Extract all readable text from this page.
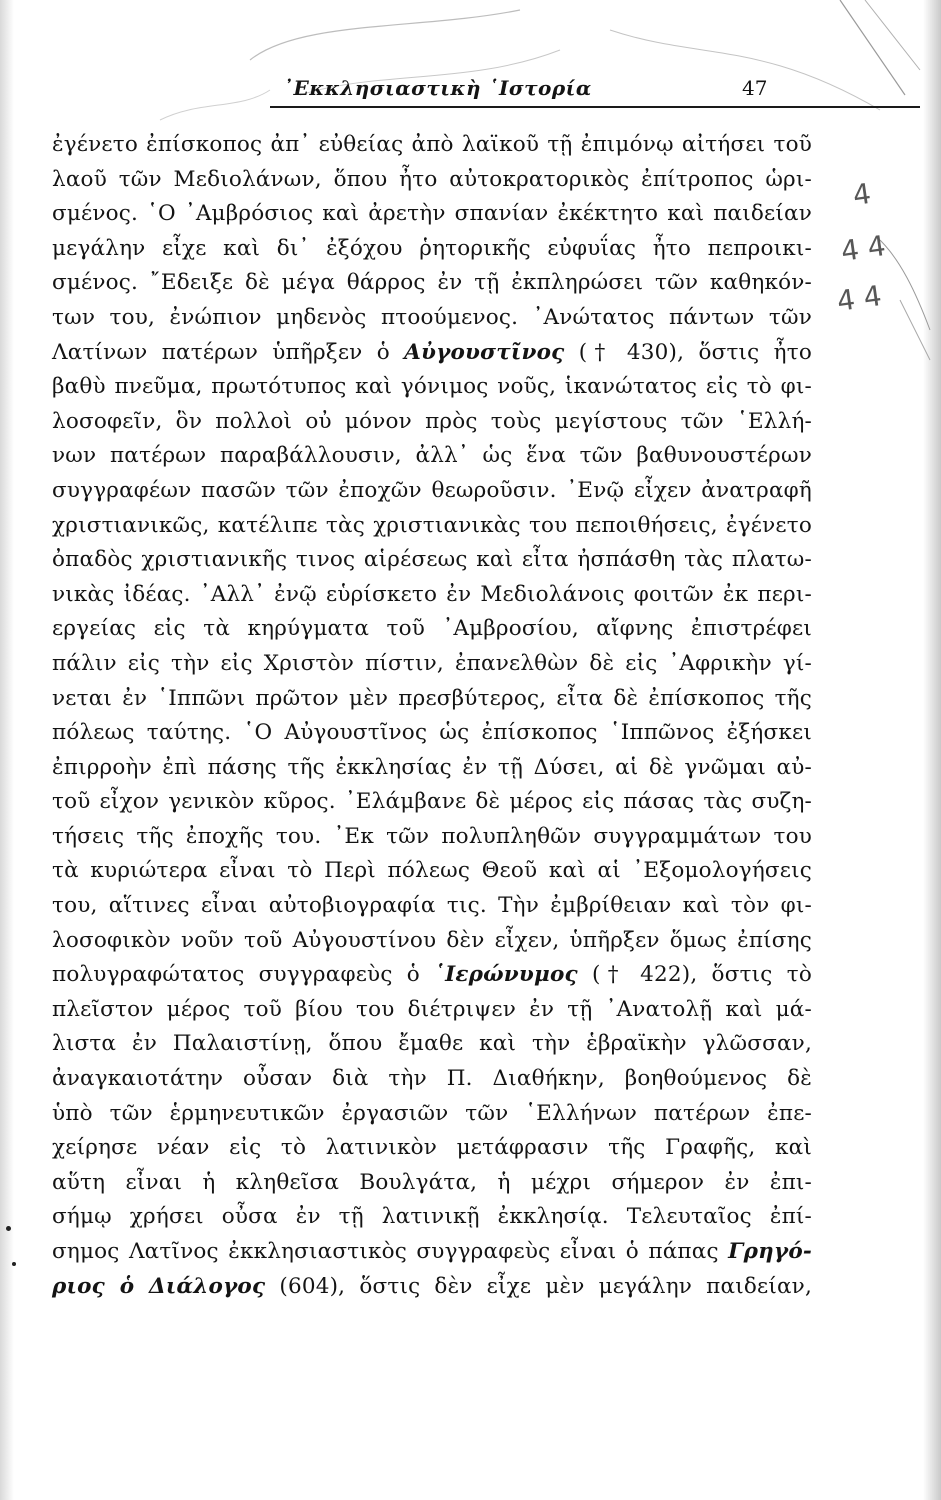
᾿Εκκλησιαστικὴ ῾Ιστορία	47
ἐγένετο ἐπίσκοπος ἀπ᾿ εὐθείας ἀπὸ λαϊκοῦ τῇ ἐπιμόνῳ αἰτήσει τοῦ
λαοῦ τῶν Μεδιολάνων, ὅπου ἦτο αὐτοκρατορικὸς ἐπίτροπος ὡρι-
σμένος. ῾Ο ᾿Αμβρόσιος καὶ ἀρετὴν σπανίαν ἐκέκτητο καὶ παιδείαν
μεγάλην εἶχε καὶ δι᾿ ἐξόχου ῥητορικῆς εὐφυΐας ἦτο πεπροικι-
σμένος. ῎Εδειξε δὲ μέγα θάρρος ἐν τῇ ἐκπληρώσει τῶν καθηκόν-
των του, ἐνώπιον μηδενὸς πτοούμενος. ᾿Ανώτατος πάντων τῶν
Λατίνων πατέρων ὑπῆρξεν ὁ Αὐγουστῖνος († 430), ὅστις ἦτο
βαθὺ πνεῦμα, πρωτότυπος καὶ γόνιμος νοῦς, ἱκανώτατος εἰς τὸ φι-
λοσοφεῖν, ὃν πολλοὶ οὐ μόνον πρὸς τοὺς μεγίστους τῶν ῾Ελλή-
νων πατέρων παραβάλλουσιν, ἀλλ᾿ ὡς ἕνα τῶν βαθυνουστέρων
συγγραφέων πασῶν τῶν ἐποχῶν θεωροῦσιν. ᾿Ενῷ εἶχεν ἀνατραφῆ
χριστιανικῶς, κατέλιπε τὰς χριστιανικὰς του πεποιθήσεις, ἐγένετο
ὀπαδὸς χριστιανικῆς τινος αἱρέσεως καὶ εἶτα ἠσπάσθη τὰς πλατω-
νικὰς ἰδέας. ᾿Αλλ᾿ ἐνῷ εὑρίσκετο ἐν Μεδιολάνοις φοιτῶν ἐκ περι-
εργείας εἰς τὰ κηρύγματα τοῦ ᾿Αμβροσίου, αἴφνης ἐπιστρέφει
πάλιν εἰς τὴν εἰς Χριστὸν πίστιν, ἐπανελθὼν δὲ εἰς ᾿Αφρικὴν γί-
νεται ἐν ῾Ιππῶνι πρῶτον μὲν πρεσβύτερος, εἶτα δὲ ἐπίσκοπος τῆς
πόλεως ταύτης. ῾Ο Αὐγουστῖνος ὡς ἐπίσκοπος ῾Ιππῶνος ἐξήσκει
ἐπιρροὴν ἐπὶ πάσης τῆς ἐκκλησίας ἐν τῇ Δύσει, αἱ δὲ γνῶμαι αὐ-
τοῦ εἶχον γενικὸν κῦρος. ᾿Ελάμβανε δὲ μέρος εἰς πάσας τὰς συζη-
τήσεις τῆς ἐποχῆς του. ᾿Εκ τῶν πολυπληθῶν συγγραμμάτων του
τὰ κυριώτερα εἶναι τὸ Περὶ πόλεως Θεοῦ καὶ αἱ ᾿Εξομολογήσεις
του, αἵτινες εἶναι αὐτοβιογραφία τις. Τὴν ἐμβρίθειαν καὶ τὸν φι-
λοσοφικὸν νοῦν τοῦ Αὐγουστίνου δὲν εἶχεν, ὑπῆρξεν ὅμως ἐπίσης
πολυγραφώτατος συγγραφεὺς ὁ ῾Ιερώνυμος († 422), ὅστις τὸ
πλεῖστον μέρος τοῦ βίου του διέτριψεν ἐν τῇ ᾿Ανατολῇ καὶ μά-
λιστα ἐν Παλαιστίνῃ, ὅπου ἔμαθε καὶ τὴν ἑβραϊκὴν γλῶσσαν,
ἀναγκαιοτάτην οὖσαν διὰ τὴν Π. Διαθήκην, βοηθούμενος δὲ
ὑπὸ τῶν ἑρμηνευτικῶν ἐργασιῶν τῶν ῾Ελλήνων πατέρων ἐπε-
χείρησε νέαν εἰς τὸ λατινικὸν μετάφρασιν τῆς Γραφῆς, καὶ
αὕτη εἶναι ἡ κληθεῖσα Βουλγάτα, ἡ μέχρι σήμερον ἐν ἐπι-
σήμῳ χρήσει οὖσα ἐν τῇ λατινικῇ ἐκκλησίᾳ. Τελευταῖος ἐπί-
σημος Λατῖνος ἐκκλησιαστικὸς συγγραφεὺς εἶναι ὁ πάπας Γρηγό-
ριος ὁ Διάλογος (604), ὅστις δὲν εἶχε μὲν μεγάλην παιδείαν,
4
4 4
4 4
